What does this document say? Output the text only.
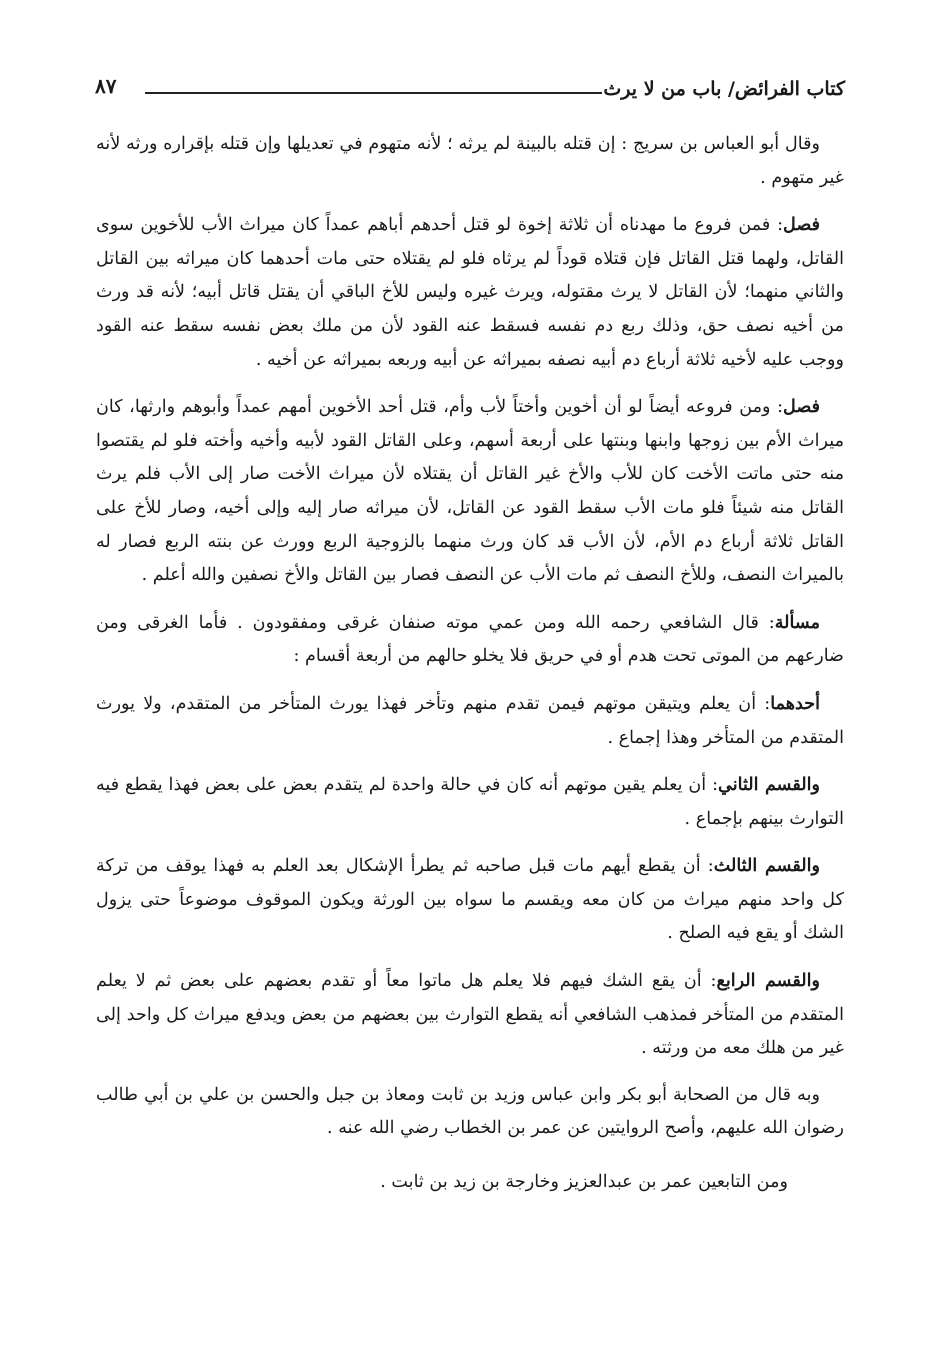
كتاب الفرائض/ باب من لا يرث
٨٧

وقال أبو العباس بن سريج : إن قتله بالبينة لم يرثه ؛ لأنه متهوم في تعديلها وإن قتله بإقراره ورثه لأنه غير متهوم .

فصل: فمن فروع ما مهدناه أن ثلاثة إخوة لو قتل أحدهم أباهم عمداً كان ميراث الأب للأخوين سوى القاتل، ولهما قتل القاتل فإن قتلاه قوداً لم يرثاه فلو لم يقتلاه حتى مات أحدهما كان ميراثه بين القاتل والثاني منهما؛ لأن القاتل لا يرث مقتوله، ويرث غيره وليس للأخ الباقي أن يقتل قاتل أبيه؛ لأنه قد ورث من أخيه نصف حق، وذلك ربع دم نفسه فسقط عنه القود لأن من ملك بعض نفسه سقط عنه القود ووجب عليه لأخيه ثلاثة أرباع دم أبيه نصفه بميراثه عن أبيه وربعه بميراثه عن أخيه .

فصل: ومن فروعه أيضاً لو أن أخوين وأختاً لأب وأم، قتل أحد الأخوين أمهم عمداً وأبوهم وارثها، كان ميراث الأم بين زوجها وابنها وبنتها على أربعة أسهم، وعلى القاتل القود لأبيه وأخيه وأخته فلو لم يقتصوا منه حتى ماتت الأخت كان للأب والأخ غير القاتل أن يقتلاه لأن ميراث الأخت صار إلى الأب فلم يرث القاتل منه شيئاً فلو مات الأب سقط القود عن القاتل، لأن ميراثه صار إليه وإلى أخيه، وصار للأخ على القاتل ثلاثة أرباع دم الأم، لأن الأب قد كان ورث منهما بالزوجية الربع وورث عن بنته الربع فصار له بالميراث النصف، وللأخ النصف ثم مات الأب عن النصف فصار بين القاتل والأخ نصفين والله أعلم .

مسألة: قال الشافعي رحمه الله ومن عمي موته صنفان غرقى ومفقودون . فأما الغرقى ومن ضارعهم من الموتى تحت هدم أو في حريق فلا يخلو حالهم من أربعة أقسام :

أحدهما: أن يعلم ويتيقن موتهم فيمن تقدم منهم وتأخر فهذا يورث المتأخر من المتقدم، ولا يورث المتقدم من المتأخر وهذا إجماع .

والقسم الثاني: أن يعلم يقين موتهم أنه كان في حالة واحدة لم يتقدم بعض على بعض فهذا يقطع فيه التوارث بينهم بإجماع .

والقسم الثالث: أن يقطع أيهم مات قبل صاحبه ثم يطرأ الإشكال بعد العلم به فهذا يوقف من تركة كل واحد منهم ميراث من كان معه ويقسم ما سواه بين الورثة ويكون الموقوف موضوعاً حتى يزول الشك أو يقع فيه الصلح .

والقسم الرابع: أن يقع الشك فيهم فلا يعلم هل ماتوا معاً أو تقدم بعضهم على بعض ثم لا يعلم المتقدم من المتأخر فمذهب الشافعي أنه يقطع التوارث بين بعضهم من بعض ويدفع ميراث كل واحد إلى غير من هلك معه من ورثته .

وبه قال من الصحابة أبو بكر وابن عباس وزيد بن ثابت ومعاذ بن جبل والحسن بن علي بن أبي طالب رضوان الله عليهم، وأصح الروايتين عن عمر بن الخطاب رضي الله عنه .

ومن التابعين عمر بن عبدالعزيز وخارجة بن زيد بن ثابت .
